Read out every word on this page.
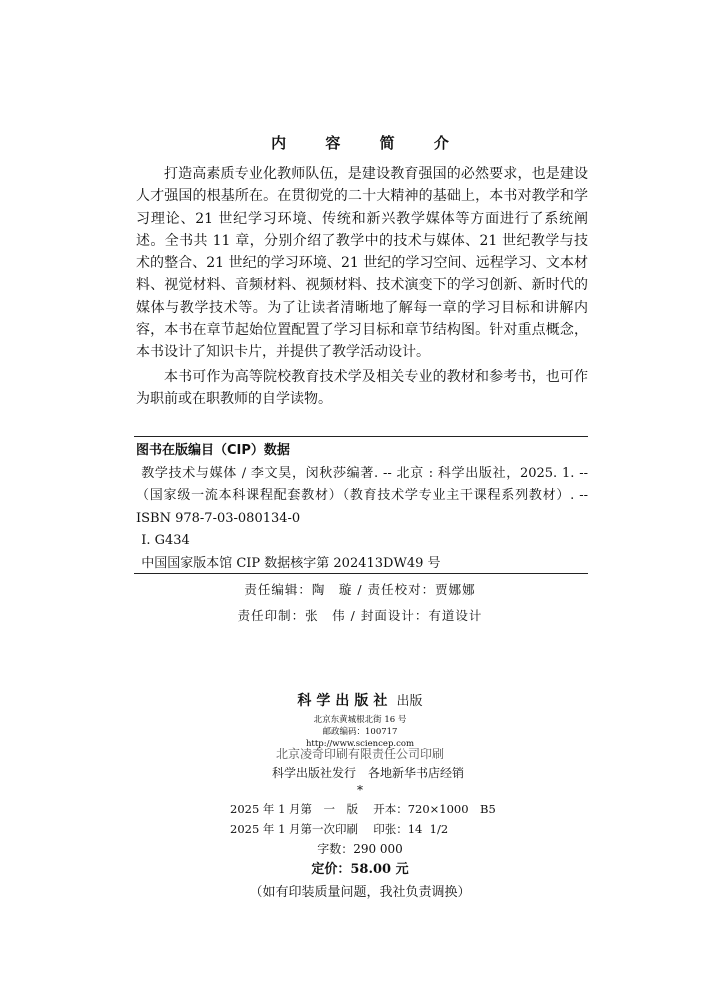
内 容 简 介

打造高素质专业化教师队伍，是建设教育强国的必然要求，也是建设人才强国的根基所在。在贯彻党的二十大精神的基础上，本书对教学和学习理论、21 世纪学习环境、传统和新兴教学媒体等方面进行了系统阐述。全书共 11 章，分别介绍了教学中的技术与媒体、21 世纪教学与技术的整合、21 世纪的学习环境、21 世纪的学习空间、远程学习、文本材料、视觉材料、音频材料、视频材料、技术演变下的学习创新、新时代的媒体与教学技术等。为了让读者清晰地了解每一章的学习目标和讲解内容，本书在章节起始位置配置了学习目标和章节结构图。针对重点概念，本书设计了知识卡片，并提供了教学活动设计。

本书可作为高等院校教育技术学及相关专业的教材和参考书，也可作为职前或在职教师的自学读物。

图书在版编目（CIP）数据
教学技术与媒体 / 李文昊，闵秋莎编著. -- 北京 : 科学出版社，2025. 1. --（国家级一流本科课程配套教材）（教育技术学专业主干课程系列教材）. -- ISBN 978-7-03-080134-0
Ⅰ. G434
中国国家版本馆 CIP 数据核字第 202413DW49 号
责任编辑：陶　璇 / 责任校对：贾娜娜
责任印制：张　伟 / 封面设计：有道设计
科学出版社 出版
北京东黄城根北街 16 号
邮政编码：100717
http://www.sciencep.com
北京凌奇印刷有限责任公司印刷
科学出版社发行　各地新华书店经销
*
2025 年 1 月第　一　版　 开本：720×1000　B5
2025 年 1 月第一次印刷　 印张：14  1/2
字数：290 000
定价：58.00 元
（如有印装质量问题，我社负责调换）
